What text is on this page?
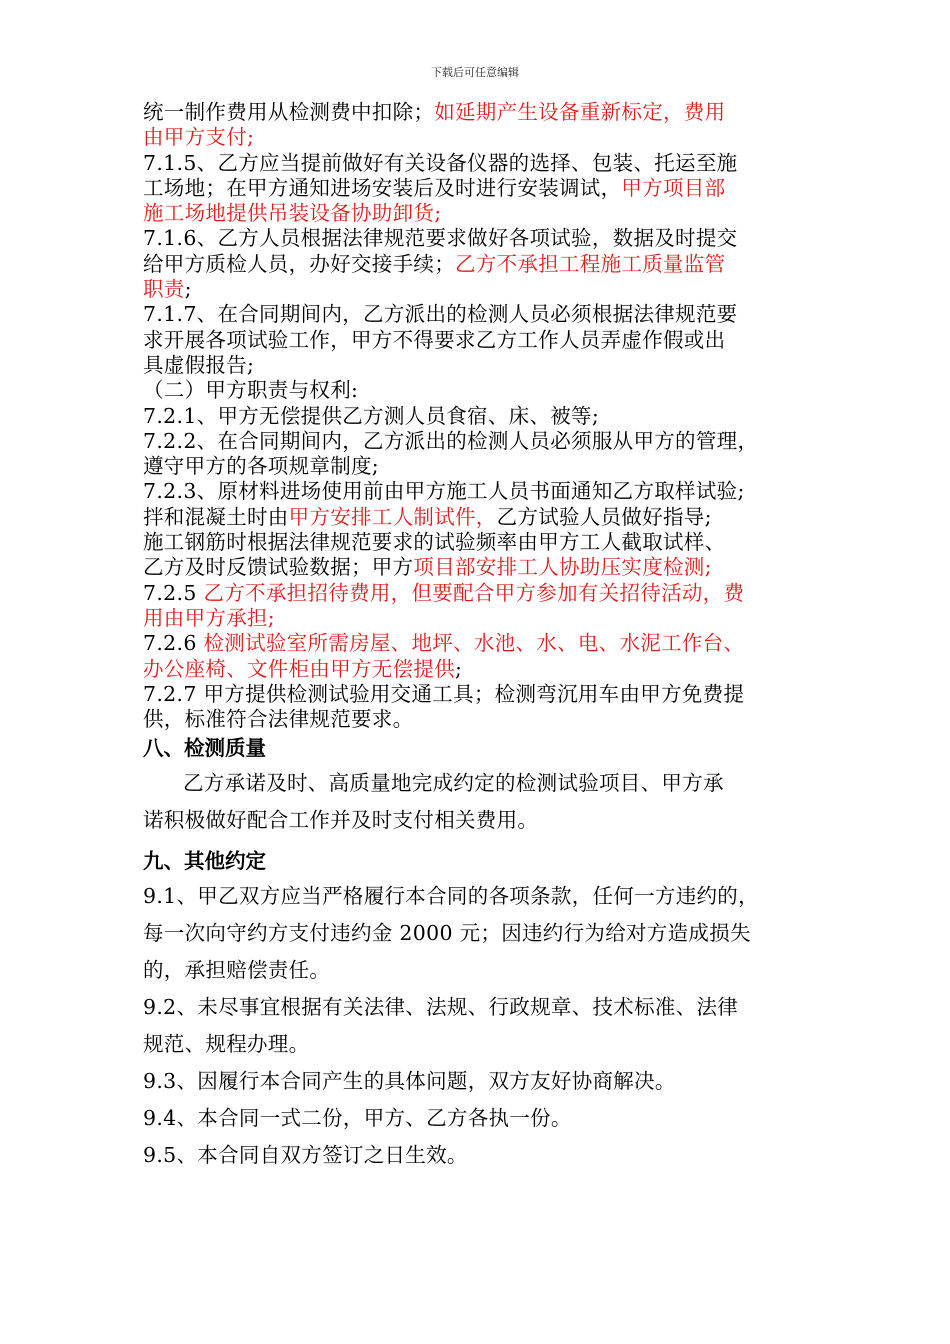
下载后可任意编辑
统一制作费用从检测费中扣除；如延期产生设备重新标定，费用
由甲方支付;
7.1.5、乙方应当提前做好有关设备仪器的选择、包装、托运至施
工场地；在甲方通知进场安装后及时进行安装调试，甲方项目部
施工场地提供吊装设备协助卸货;
7.1.6、乙方人员根据法律规范要求做好各项试验，数据及时提交
给甲方质检人员，办好交接手续；乙方不承担工程施工质量监管
职责;
7.1.7、在合同期间内，乙方派出的检测人员必须根据法律规范要
求开展各项试验工作，甲方不得要求乙方工作人员弄虚作假或出
具虚假报告;
（二）甲方职责与权利:
7.2.1、甲方无偿提供乙方测人员食宿、床、被等;
7.2.2、在合同期间内，乙方派出的检测人员必须服从甲方的管理，
遵守甲方的各项规章制度;
7.2.3、原材料进场使用前由甲方施工人员书面通知乙方取样试验;
拌和混凝土时由甲方安排工人制试件，乙方试验人员做好指导;
施工钢筋时根据法律规范要求的试验频率由甲方工人截取试样、
乙方及时反馈试验数据；甲方项目部安排工人协助压实度检测;
7.2.5 乙方不承担招待费用，但要配合甲方参加有关招待活动，费
用由甲方承担;
7.2.6 检测试验室所需房屋、地坪、水池、水、电、水泥工作台、
办公座椅、文件柜由甲方无偿提供;
7.2.7 甲方提供检测试验用交通工具；检测弯沉用车由甲方免费提
供，标准符合法律规范要求。
八、检测质量
乙方承诺及时、高质量地完成约定的检测试验项目、甲方承
诺积极做好配合工作并及时支付相关费用。
九、其他约定
9.1、甲乙双方应当严格履行本合同的各项条款，任何一方违约的，
每一次向守约方支付违约金 2000 元；因违约行为给对方造成损失
的，承担赔偿责任。
9.2、未尽事宜根据有关法律、法规、行政规章、技术标准、法律
规范、规程办理。
9.3、因履行本合同产生的具体问题，双方友好协商解决。
9.4、本合同一式二份，甲方、乙方各执一份。
9.5、本合同自双方签订之日生效。
